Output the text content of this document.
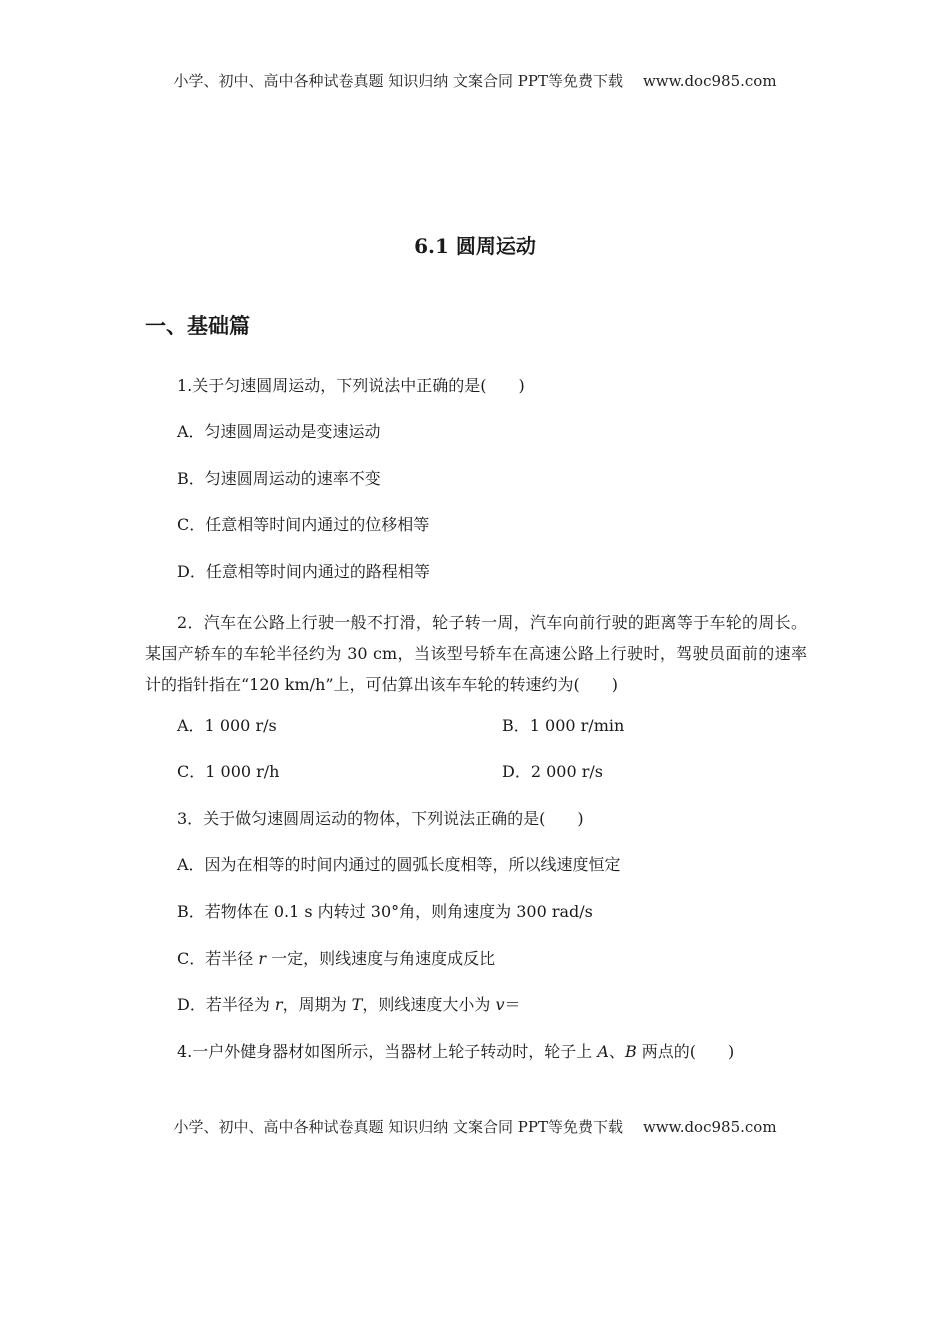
小学、初中、高中各种试卷真题 知识归纳 文案合同 PPT等免费下载 www.doc985.com
6.1 圆周运动
一、基础篇
1.关于匀速圆周运动，下列说法中正确的是(　　)
A．匀速圆周运动是变速运动
B．匀速圆周运动的速率不变
C．任意相等时间内通过的位移相等
D．任意相等时间内通过的路程相等
2．汽车在公路上行驶一般不打滑，轮子转一周，汽车向前行驶的距离等于车轮的周长。某国产轿车的车轮半径约为 30 cm，当该型号轿车在高速公路上行驶时，驾驶员面前的速率计的指针指在“120 km/h”上，可估算出该车车轮的转速约为(　　)
A．1 000 r/s	B．1 000 r/min
C．1 000 r/h	D．2 000 r/s
3．关于做匀速圆周运动的物体，下列说法正确的是(　　)
A．因为在相等的时间内通过的圆弧长度相等，所以线速度恒定
B．若物体在 0.1 s 内转过 30°角，则角速度为 300 rad/s
C．若半径 r 一定，则线速度与角速度成反比
D．若半径为 r，周期为 T，则线速度大小为 v＝
4.一户外健身器材如图所示，当器材上轮子转动时，轮子上 A、B 两点的(　　)
小学、初中、高中各种试卷真题 知识归纳 文案合同 PPT等免费下载 www.doc985.com
